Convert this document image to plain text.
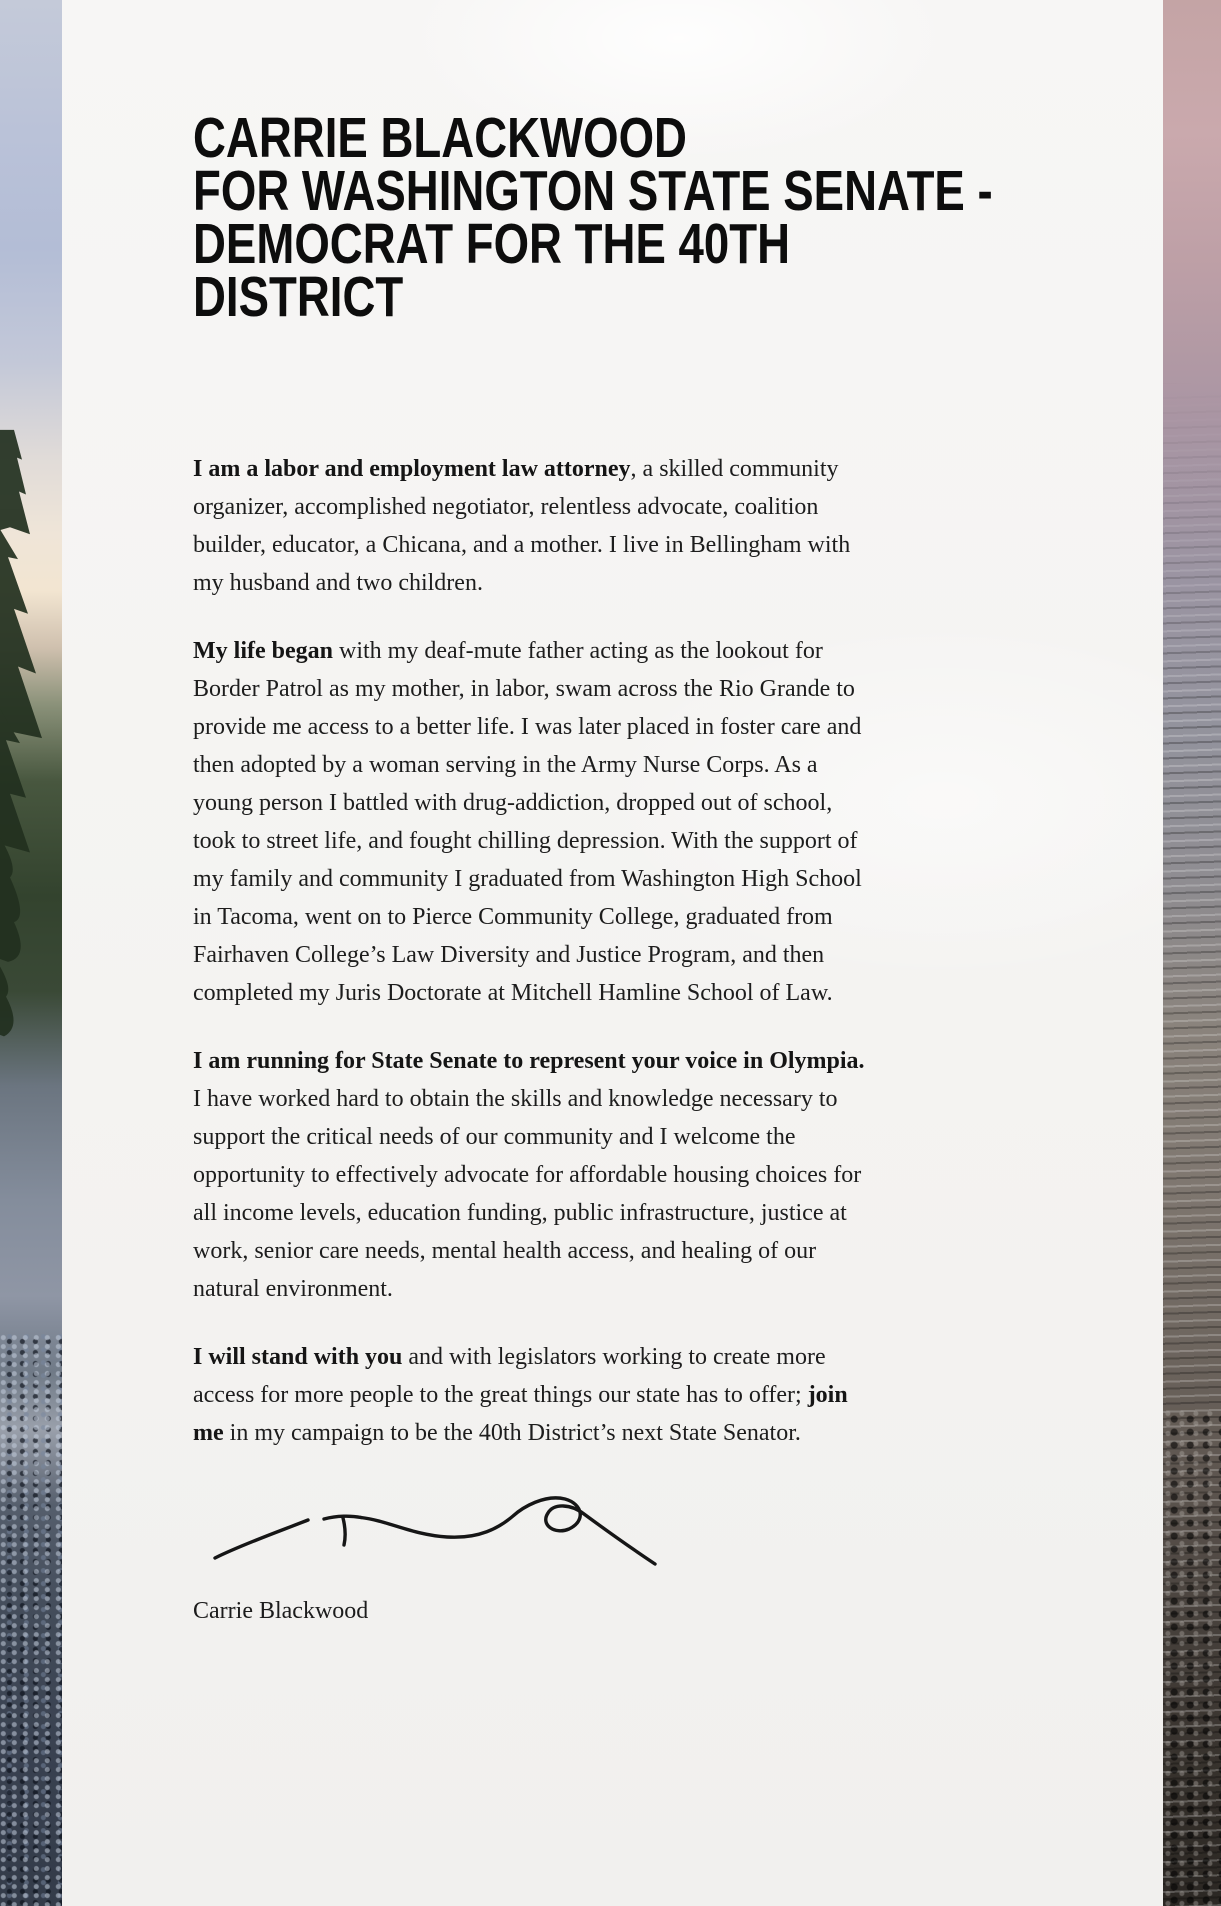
CARRIE BLACKWOOD
FOR WASHINGTON STATE SENATE -
DEMOCRAT FOR THE 40TH
DISTRICT

I am a labor and employment law attorney, a skilled community organizer, accomplished negotiator, relentless advocate, coalition builder, educator, a Chicana, and a mother. I live in Bellingham with my husband and two children.

My life began with my deaf-mute father acting as the lookout for Border Patrol as my mother, in labor, swam across the Rio Grande to provide me access to a better life. I was later placed in foster care and then adopted by a woman serving in the Army Nurse Corps. As a young person I battled with drug-addiction, dropped out of school, took to street life, and fought chilling depression. With the support of my family and community I graduated from Washington High School in Tacoma, went on to Pierce Community College, graduated from Fairhaven College’s Law Diversity and Justice Program, and then completed my Juris Doctorate at Mitchell Hamline School of Law.

I am running for State Senate to represent your voice in Olympia. I have worked hard to obtain the skills and knowledge necessary to support the critical needs of our community and I welcome the opportunity to effectively advocate for affordable housing choices for all income levels, education funding, public infrastructure, justice at work, senior care needs, mental health access, and healing of our natural environment.

I will stand with you and with legislators working to create more access for more people to the great things our state has to offer; join me in my campaign to be the 40th District’s next State Senator.

Carrie Blackwood
